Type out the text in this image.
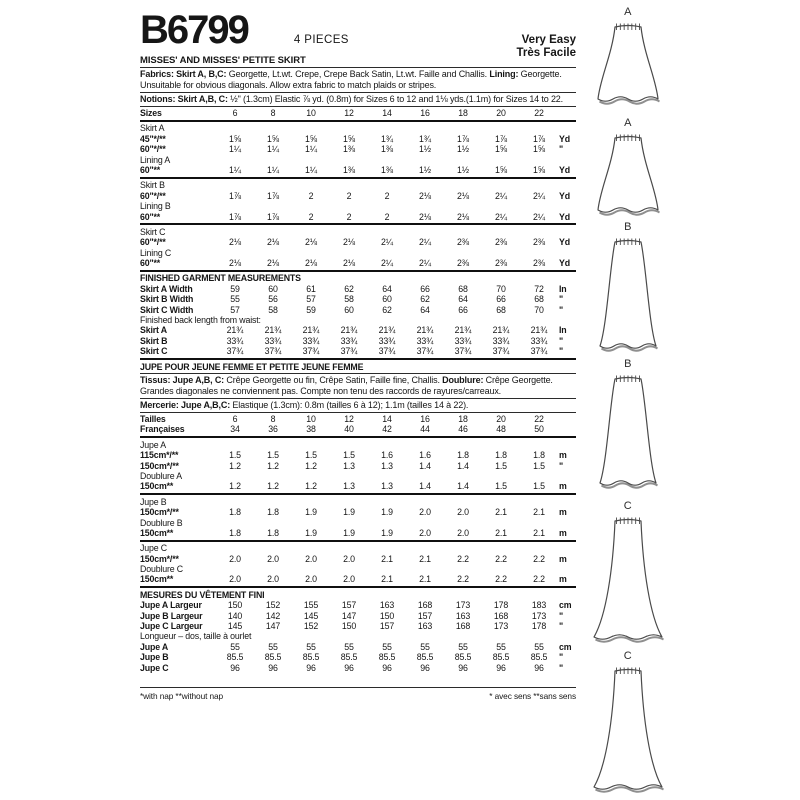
B6799	4 PIECES	Very Easy
Très Facile
MISSES' AND MISSES' PETITE SKIRT
Fabrics: Skirt A, B,C: Georgette, Lt.wt. Crepe, Crepe Back Satin, Lt.wt. Faille and Challis. Lining: Georgette.
Unsuitable for obvious diagonals. Allow extra fabric to match plaids or stripes.
Notions: Skirt A,B, C: ½" (1.3cm) Elastic ⅞ yd. (0.8m) for Sizes 6 to 12 and 1⅛ yds.(1.1m) for Sizes 14 to 22.
Sizes	6	8	10	12	14	16	18	20	22
Skirt A
45"*/**	1⅝	1⅝	1⅝	1⅝	1¾	1¾	1⅞	1⅞	1⅞	Yd
60"*/**	1¼	1¼	1¼	1⅜	1⅜	1½	1½	1⅝	1⅝	"
Lining A
60"**	1¼	1¼	1¼	1⅜	1⅜	1½	1½	1⅝	1⅝	Yd
Skirt B
60"*/**	1⅞	1⅞	2	2	2	2⅛	2⅛	2¼	2¼	Yd
Lining B
60"**	1⅞	1⅞	2	2	2	2⅛	2⅛	2¼	2¼	Yd
Skirt C
60"*/**	2⅛	2⅛	2⅛	2⅛	2¼	2¼	2⅜	2⅜	2⅜	Yd
Lining C
60"**	2⅛	2⅛	2⅛	2⅛	2¼	2¼	2⅜	2⅜	2⅜	Yd
FINISHED GARMENT MEASUREMENTS
Skirt A Width	59	60	61	62	64	66	68	70	72	In
Skirt B Width	55	56	57	58	60	62	64	66	68	"
Skirt C Width	57	58	59	60	62	64	66	68	70	"
Finished back length from waist:
Skirt A	21¾	21¾	21¾	21¾	21¾	21¾	21¾	21¾	21¾	In
Skirt B	33¾	33¾	33¾	33¾	33¾	33¾	33¾	33¾	33¾	"
Skirt C	37¾	37¾	37¾	37¾	37¾	37¾	37¾	37¾	37¾	"
JUPE POUR JEUNE FEMME ET PETITE JEUNE FEMME
Tissus: Jupe A,B, C: Crêpe Georgette ou fin, Crêpe Satin, Faille fine, Challis. Doublure: Crêpe Georgette.
Grandes diagonales ne conviennent pas. Compte non tenu des raccords de rayures/carreaux.
Mercerie: Jupe A,B,C: Elastique (1.3cm): 0.8m (tailles 6 à 12); 1.1m (tailles 14 à 22).
Tailles	6	8	10	12	14	16	18	20	22
Françaises	34	36	38	40	42	44	46	48	50
Jupe A
115cm*/**	1.5	1.5	1.5	1.5	1.6	1.6	1.8	1.8	1.8	m
150cm*/**	1.2	1.2	1.2	1.3	1.3	1.4	1.4	1.5	1.5	"
Doublure A
150cm**	1.2	1.2	1.2	1.3	1.3	1.4	1.4	1.5	1.5	m
Jupe B
150cm*/**	1.8	1.8	1.9	1.9	1.9	2.0	2.0	2.1	2.1	m
Doublure B
150cm**	1.8	1.8	1.9	1.9	1.9	2.0	2.0	2.1	2.1	m
Jupe C
150cm*/**	2.0	2.0	2.0	2.0	2.1	2.1	2.2	2.2	2.2	m
Doublure C
150cm**	2.0	2.0	2.0	2.0	2.1	2.1	2.2	2.2	2.2	m
MESURES DU VÊTEMENT FINI
Jupe A Largeur	150	152	155	157	163	168	173	178	183	cm
Jupe B Largeur	140	142	145	147	150	157	163	168	173	"
Jupe C Largeur	145	147	152	150	157	163	168	173	178	"
Longueur – dos, taille à ourlet
Jupe A	55	55	55	55	55	55	55	55	55	cm
Jupe B	85.5	85.5	85.5	85.5	85.5	85.5	85.5	85.5	85.5	"
Jupe C	96	96	96	96	96	96	96	96	96	"
*with nap **without nap	* avec sens **sans sens
A
A
B
B
C
C
